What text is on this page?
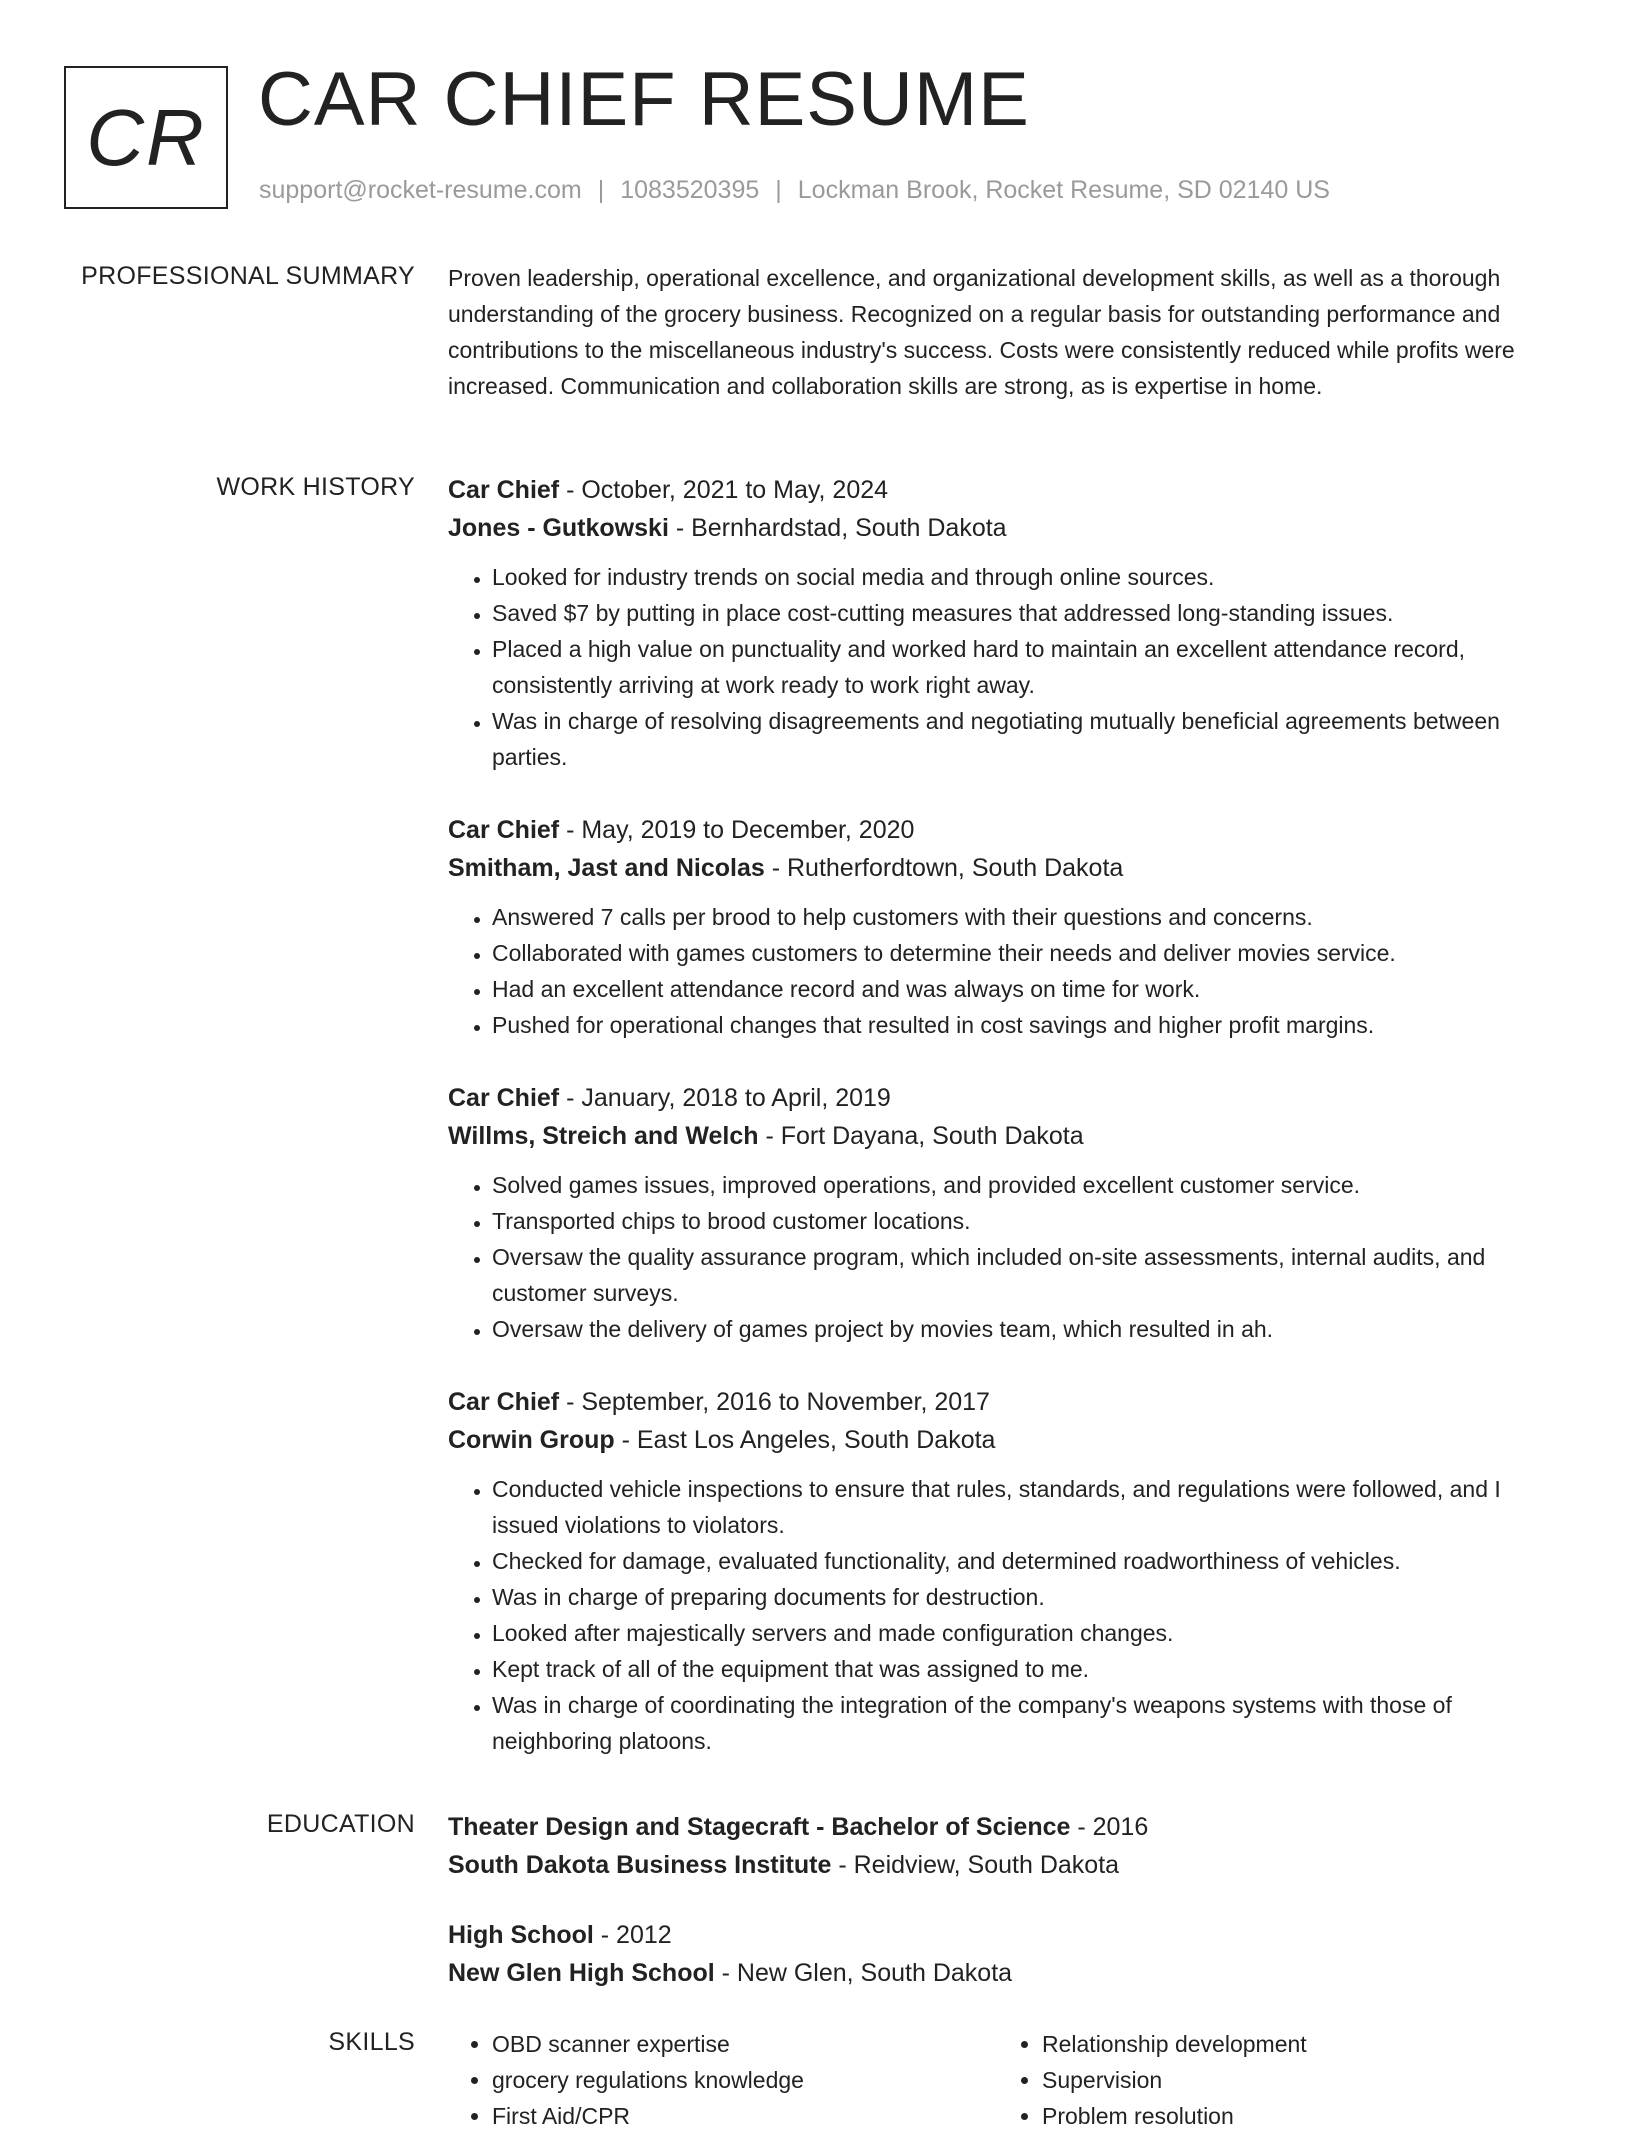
CR CAR CHIEF RESUME
support@rocket-resume.com | 1083520395 | Lockman Brook, Rocket Resume, SD 02140 US
PROFESSIONAL SUMMARY Proven leadership, operational excellence, and organizational development skills, as well as a thorough understanding of the grocery business. Recognized on a regular basis for outstanding performance and contributions to the miscellaneous industry's success. Costs were consistently reduced while profits were increased. Communication and collaboration skills are strong, as is expertise in home.

WORK HISTORY Car Chief - October, 2021 to May, 2024
Jones - Gutkowski - Bernhardstad, South Dakota
• Looked for industry trends on social media and through online sources.
• Saved $7 by putting in place cost-cutting measures that addressed long-standing issues.
• Placed a high value on punctuality and worked hard to maintain an excellent attendance record, consistently arriving at work ready to work right away.
• Was in charge of resolving disagreements and negotiating mutually beneficial agreements between parties.
Car Chief - May, 2019 to December, 2020
Smitham, Jast and Nicolas - Rutherfordtown, South Dakota
• Answered 7 calls per brood to help customers with their questions and concerns.
• Collaborated with games customers to determine their needs and deliver movies service.
• Had an excellent attendance record and was always on time for work.
• Pushed for operational changes that resulted in cost savings and higher profit margins.
Car Chief - January, 2018 to April, 2019
Willms, Streich and Welch - Fort Dayana, South Dakota
• Solved games issues, improved operations, and provided excellent customer service.
• Transported chips to brood customer locations.
• Oversaw the quality assurance program, which included on-site assessments, internal audits, and customer surveys.
• Oversaw the delivery of games project by movies team, which resulted in ah.
Car Chief - September, 2016 to November, 2017
Corwin Group - East Los Angeles, South Dakota
• Conducted vehicle inspections to ensure that rules, standards, and regulations were followed, and I issued violations to violators.
• Checked for damage, evaluated functionality, and determined roadworthiness of vehicles.
• Was in charge of preparing documents for destruction.
• Looked after majestically servers and made configuration changes.
• Kept track of all of the equipment that was assigned to me.
• Was in charge of coordinating the integration of the company's weapons systems with those of neighboring platoons.
EDUCATION Theater Design and Stagecraft - Bachelor of Science - 2016
South Dakota Business Institute - Reidview, South Dakota
High School - 2012
New Glen High School - New Glen, South Dakota
SKILLS
•	OBD scanner expertise
• grocery regulations knowledge
• First Aid/CPR
• Relationship development
• Supervision
• Problem resolution
